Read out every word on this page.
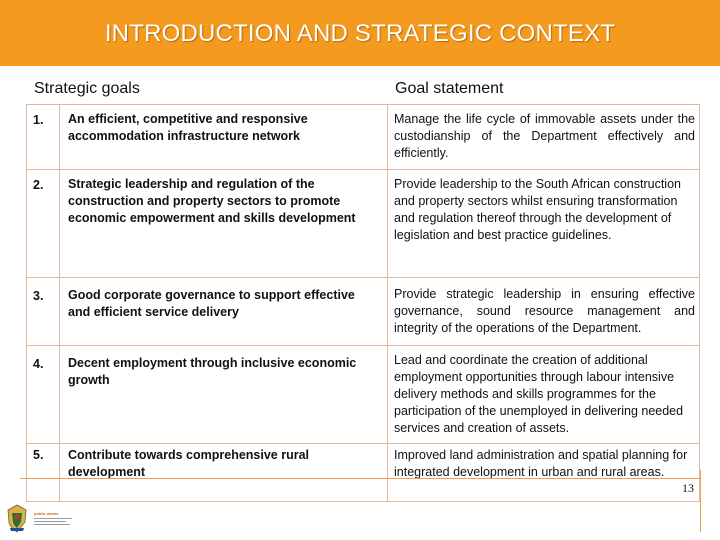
INTRODUCTION AND STRATEGIC CONTEXT
Strategic goals	Goal statement
1.	An efficient, competitive and responsive accommodation infrastructure network	Manage the life cycle of immovable assets under the custodianship of the Department effectively and efficiently.
2.	Strategic leadership and regulation of the construction and property sectors to promote economic empowerment and skills development	Provide leadership to the South African construction and property sectors whilst ensuring transformation and regulation thereof through the development of legislation and best practice guidelines.
3.	Good corporate governance to support effective and efficient service delivery	Provide strategic leadership in ensuring effective governance, sound resource management and integrity of the operations of the Department.
4.	Decent employment through inclusive economic growth	Lead and coordinate the creation of additional employment opportunities through labour intensive delivery methods and skills programmes for the participation of the unemployed in delivering needed services and creation of assets.
5.	Contribute towards comprehensive rural development	Improved land administration and spatial planning for integrated development in urban and rural areas.
public works
13
